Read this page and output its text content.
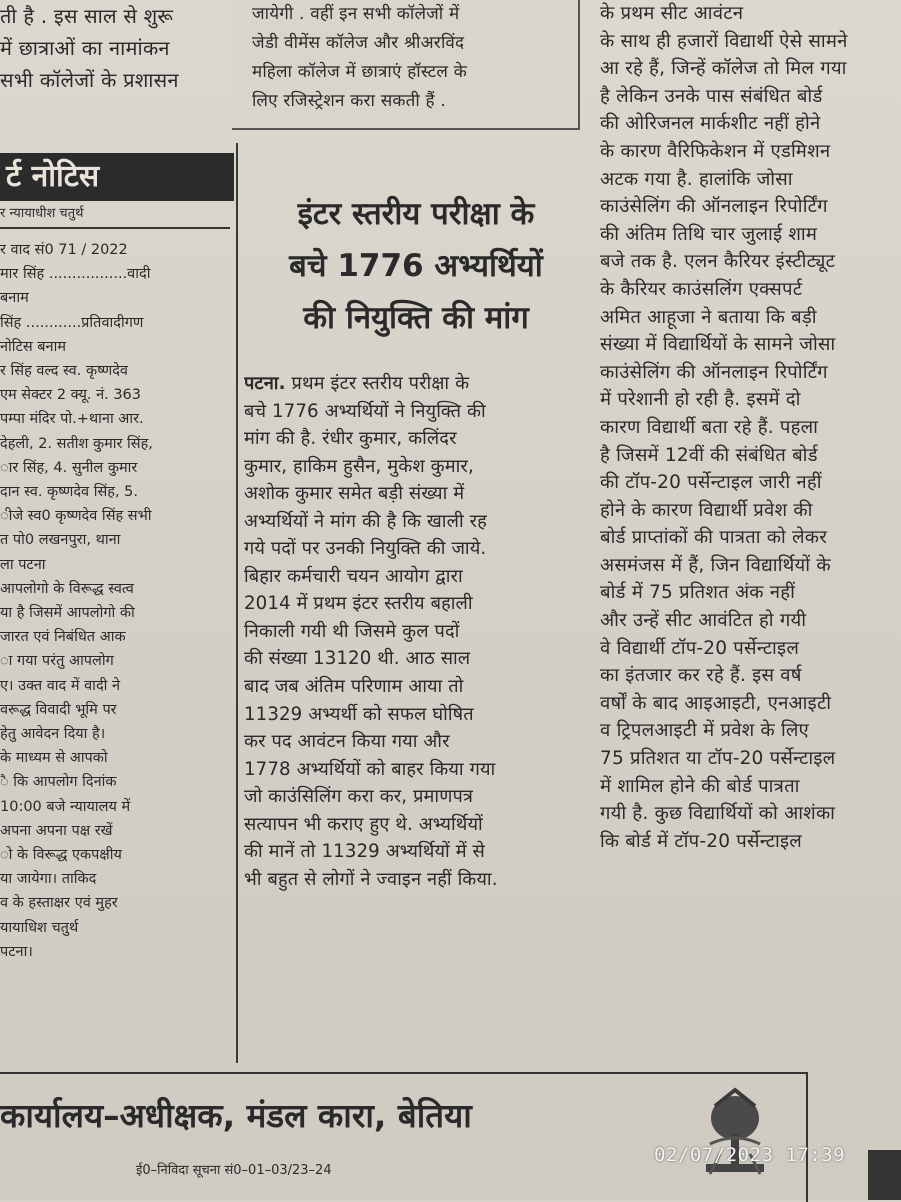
ती है . इस साल से शुरू
में छात्राओं का नामांकन
सभी कॉलेजों के प्रशासन
जायेगी . वहीं इन सभी कॉलेजों में
जेडी वीमेंस कॉलेज और श्रीअरविंद
महिला कॉलेज में छात्राएं हॉस्टल के
लिए रजिस्ट्रेशन करा सकती हैं .
र्ट नोटिस
र न्यायाधीश चतुर्थ
र वाद सं0 71 / 2022
मार सिंह .................वादी
बनाम
सिंह ............प्रतिवादीगण
नोटिस बनाम
र सिंह वल्द स्व. कृष्णदेव
एम सेक्टर 2 क्यू. नं. 363
पम्पा मंदिर पो.+थाना आर.
देहली, 2. सतीश कुमार सिंह,
ार सिंह, 4. सुनील कुमार
दान स्व. कृष्णदेव सिंह, 5.
ीजे स्व0 कृष्णदेव सिंह सभी
त पो0 लखनपुरा, थाना
ला पटना
आपलोगो के विरूद्ध स्वत्व
या है जिसमें आपलोगो की
जारत एवं निबंधित आक
ा गया परंतु आपलोग
ए। उक्त वाद में वादी ने
वरूद्ध विवादी भूमि पर
हेतु आवेदन दिया है।
के माध्यम से आपको
ै कि आपलोग दिनांक
10:00 बजे न्यायालय में
अपना अपना पक्ष रखें
ो के विरूद्ध एकपक्षीय
या जायेगा। ताकिद
व के हस्ताक्षर एवं मुहर
यायाधिश चतुर्थ
पटना।
इंटर स्तरीय परीक्षा के
बचे 1776 अभ्यर्थियों
की नियुक्ति की मांग
पटना. प्रथम इंटर स्तरीय परीक्षा के
बचे 1776 अभ्यर्थियों ने नियुक्ति की
मांग की है. रंधीर कुमार, कलिंदर
कुमार, हाकिम हुसैन, मुकेश कुमार,
अशोक कुमार समेत बड़ी संख्या में
अभ्यर्थियों ने मांग की है कि खाली रह
गये पदों पर उनकी नियुक्ति की जाये.
बिहार कर्मचारी चयन आयोग द्वारा
2014 में प्रथम इंटर स्तरीय बहाली
निकाली गयी थी जिसमे कुल पदों
की संख्या 13120 थी. आठ साल
बाद जब अंतिम परिणाम आया तो
11329 अभ्यर्थी को सफल घोषित
कर पद आवंटन किया गया और
1778 अभ्यर्थियों को बाहर किया गया
जो काउंसिलिंग करा कर, प्रमाणपत्र
सत्यापन भी कराए हुए थे. अभ्यर्थियों
की मानें तो 11329 अभ्यर्थियों में से
भी बहुत से लोगों ने ज्वाइन नहीं किया.
के प्रथम सीट आवंटन
के साथ ही हजारों विद्यार्थी ऐसे सामने
आ रहे हैं, जिन्हें कॉलेज तो मिल गया
है लेकिन उनके पास संबंधित बोर्ड
की ओरिजनल मार्कशीट नहीं होने
के कारण वैरिफिकेशन में एडमिशन
अटक गया है. हालांकि जोसा
काउंसेलिंग की ऑनलाइन रिपोर्टिंग
की अंतिम तिथि चार जुलाई शाम
बजे तक है. एलन कैरियर इंस्टीट्यूट
के कैरियर काउंसलिंग एक्सपर्ट
अमित आहूजा ने बताया कि बड़ी
संख्या में विद्यार्थियों के सामने जोसा
काउंसेलिंग की ऑनलाइन रिपोर्टिंग
में परेशानी हो रही है. इसमें दो
कारण विद्यार्थी बता रहे हैं. पहला
है जिसमें 12वीं की संबंधित बोर्ड
की टॉप-20 पर्सेन्टाइल जारी नहीं
होने के कारण विद्यार्थी प्रवेश की
बोर्ड प्राप्तांकों की पात्रता को लेकर
असमंजस में हैं, जिन विद्यार्थियों के
बोर्ड में 75 प्रतिशत अंक नहीं
और उन्हें सीट आवंटित हो गयी
वे विद्यार्थी टॉप-20 पर्सेन्टाइल
का इंतजार कर रहे हैं. इस वर्ष
वर्षों के बाद आइआइटी, एनआइटी
व ट्रिपलआइटी में प्रवेश के लिए
75 प्रतिशत या टॉप-20 पर्सेन्टाइल
में शामिल होने की बोर्ड पात्रता
गयी है. कुछ विद्यार्थियों को आशंका
कि बोर्ड में टॉप-20 पर्सेन्टाइल
कार्यालय–अधीक्षक, मंडल कारा, बेतिया
ई0–निविदा सूचना सं0–01–03/23–24
02/07/2023 17:39
